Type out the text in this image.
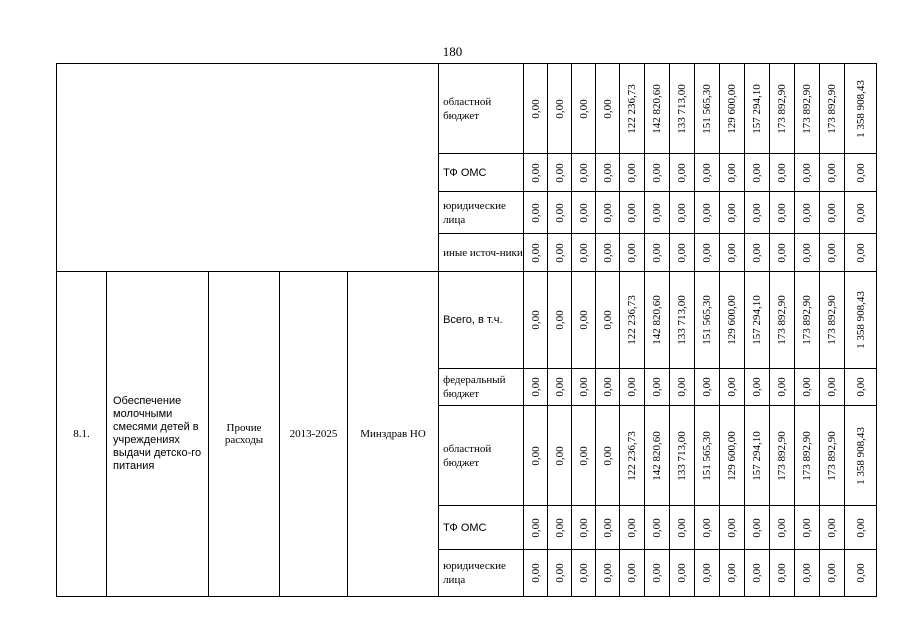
180
					областной бюджет	0,00	0,00	0,00	0,00	122 236,73	142 820,60	133 713,00	151 565,30	129 600,00	157 294,10	173 892,90	173 892,90	173 892,90	1 358 908,43

					ТФ ОМС	0,00	0,00	0,00	0,00	0,00	0,00	0,00	0,00	0,00	0,00	0,00	0,00	0,00	0,00

					юридические лица	0,00	0,00	0,00	0,00	0,00	0,00	0,00	0,00	0,00	0,00	0,00	0,00	0,00	0,00

					иные источ-ники	0,00	0,00	0,00	0,00	0,00	0,00	0,00	0,00	0,00	0,00	0,00	0,00	0,00	0,00

8.1.	Обеспечение молочными смесями детей в учреждениях выдачи детско-го питания	Прочие расходы	2013-2025	Минздрав НО	Всего, в т.ч.	0,00	0,00	0,00	0,00	122 236,73	142 820,60	133 713,00	151 565,30	129 600,00	157 294,10	173 892,90	173 892,90	173 892,90	1 358 908,43

					федеральный бюджет	0,00	0,00	0,00	0,00	0,00	0,00	0,00	0,00	0,00	0,00	0,00	0,00	0,00	0,00

					областной бюджет	0,00	0,00	0,00	0,00	122 236,73	142 820,60	133 713,00	151 565,30	129 600,00	157 294,10	173 892,90	173 892,90	173 892,90	1 358 908,43

					ТФ ОМС	0,00	0,00	0,00	0,00	0,00	0,00	0,00	0,00	0,00	0,00	0,00	0,00	0,00	0,00

					юридические лица	0,00	0,00	0,00	0,00	0,00	0,00	0,00	0,00	0,00	0,00	0,00	0,00	0,00	0,00
